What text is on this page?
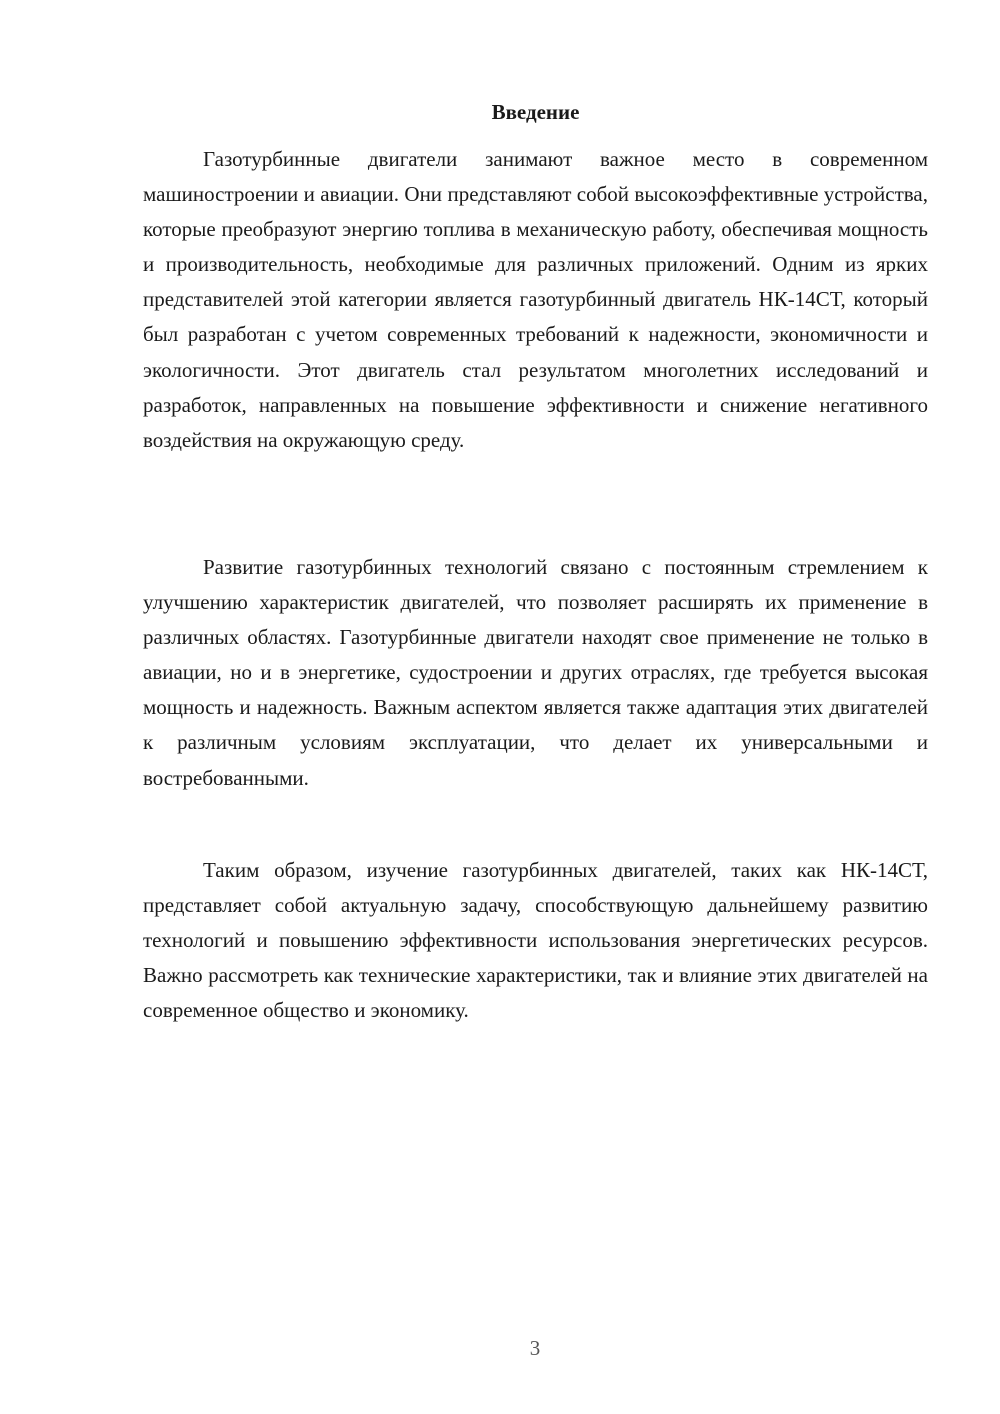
Введение

Газотурбинные двигатели занимают важное место в современном машиностроении и авиации. Они представляют собой высокоэффективные устройства, которые преобразуют энергию топлива в механическую работу, обеспечивая мощность и производительность, необходимые для различных приложений. Одним из ярких представителей этой категории является газотурбинный двигатель НК-14СТ, который был разработан с учетом современных требований к надежности, экономичности и экологичности. Этот двигатель стал результатом многолетних исследований и разработок, направленных на повышение эффективности и снижение негативного воздействия на окружающую среду.

Развитие газотурбинных технологий связано с постоянным стремлением к улучшению характеристик двигателей, что позволяет расширять их применение в различных областях. Газотурбинные двигатели находят свое применение не только в авиации, но и в энергетике, судостроении и других отраслях, где требуется высокая мощность и надежность. Важным аспектом является также адаптация этих двигателей к различным условиям эксплуатации, что делает их универсальными и востребованными.

Таким образом, изучение газотурбинных двигателей, таких как НК-14СТ, представляет собой актуальную задачу, способствующую дальнейшему развитию технологий и повышению эффективности использования энергетических ресурсов. Важно рассмотреть как технические характеристики, так и влияние этих двигателей на современное общество и экономику.

3
